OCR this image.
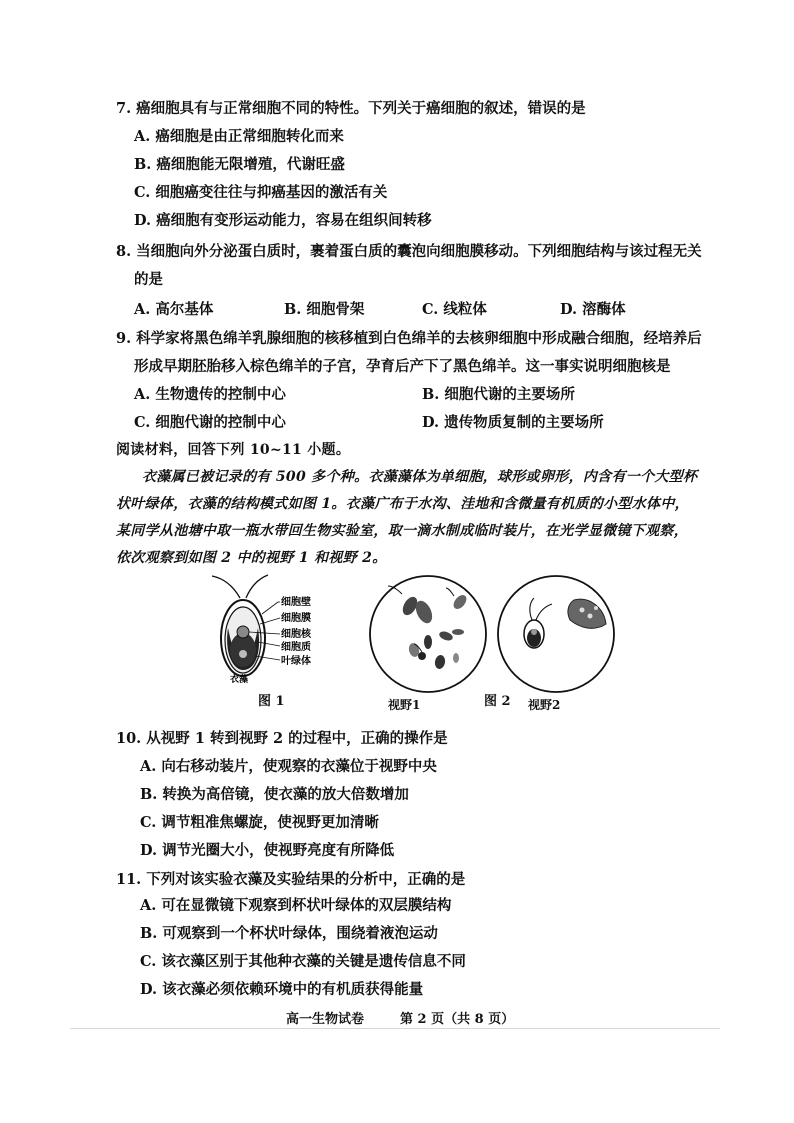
7. 癌细胞具有与正常细胞不同的特性。下列关于癌细胞的叙述，错误的是
A. 癌细胞是由正常细胞转化而来
B. 癌细胞能无限增殖，代谢旺盛
C. 细胞癌变往往与抑癌基因的激活有关
D. 癌细胞有变形运动能力，容易在组织间转移
8. 当细胞向外分泌蛋白质时，裹着蛋白质的囊泡向细胞膜移动。下列细胞结构与该过程无关
的是
A. 高尔基体	B. 细胞骨架	C. 线粒体	D. 溶酶体
9. 科学家将黑色绵羊乳腺细胞的核移植到白色绵羊的去核卵细胞中形成融合细胞，经培养后
形成早期胚胎移入棕色绵羊的子宫，孕育后产下了黑色绵羊。这一事实说明细胞核是
A. 生物遗传的控制中心	B. 细胞代谢的主要场所
C. 细胞代谢的控制中心	D. 遗传物质复制的主要场所
阅读材料，回答下列 10~11 小题。
衣藻属已被记录的有 500 多个种。衣藻藻体为单细胞，球形或卵形，内含有一个大型杯
状叶绿体，衣藻的结构模式如图 1。衣藻广布于水沟、洼地和含微量有机质的小型水体中，
某同学从池塘中取一瓶水带回生物实验室，取一滴水制成临时装片，在光学显微镜下观察，
依次观察到如图 2 中的视野 1 和视野 2。
细胞壁
细胞膜
细胞核
细胞质
叶绿体
衣藻
图 1	视野1	图 2 视野2
10. 从视野 1 转到视野 2 的过程中，正确的操作是
A. 向右移动装片，使观察的衣藻位于视野中央
B. 转换为高倍镜，使衣藻的放大倍数增加
C. 调节粗准焦螺旋，使视野更加清晰
D. 调节光圈大小，使视野亮度有所降低
11. 下列对该实验衣藻及实验结果的分析中，正确的是
A. 可在显微镜下观察到杯状叶绿体的双层膜结构
B. 可观察到一个杯状叶绿体，围绕着液泡运动
C. 该衣藻区别于其他种衣藻的关键是遗传信息不同
D. 该衣藻必须依赖环境中的有机质获得能量
高一生物试卷	第 2 页（共 8 页）
